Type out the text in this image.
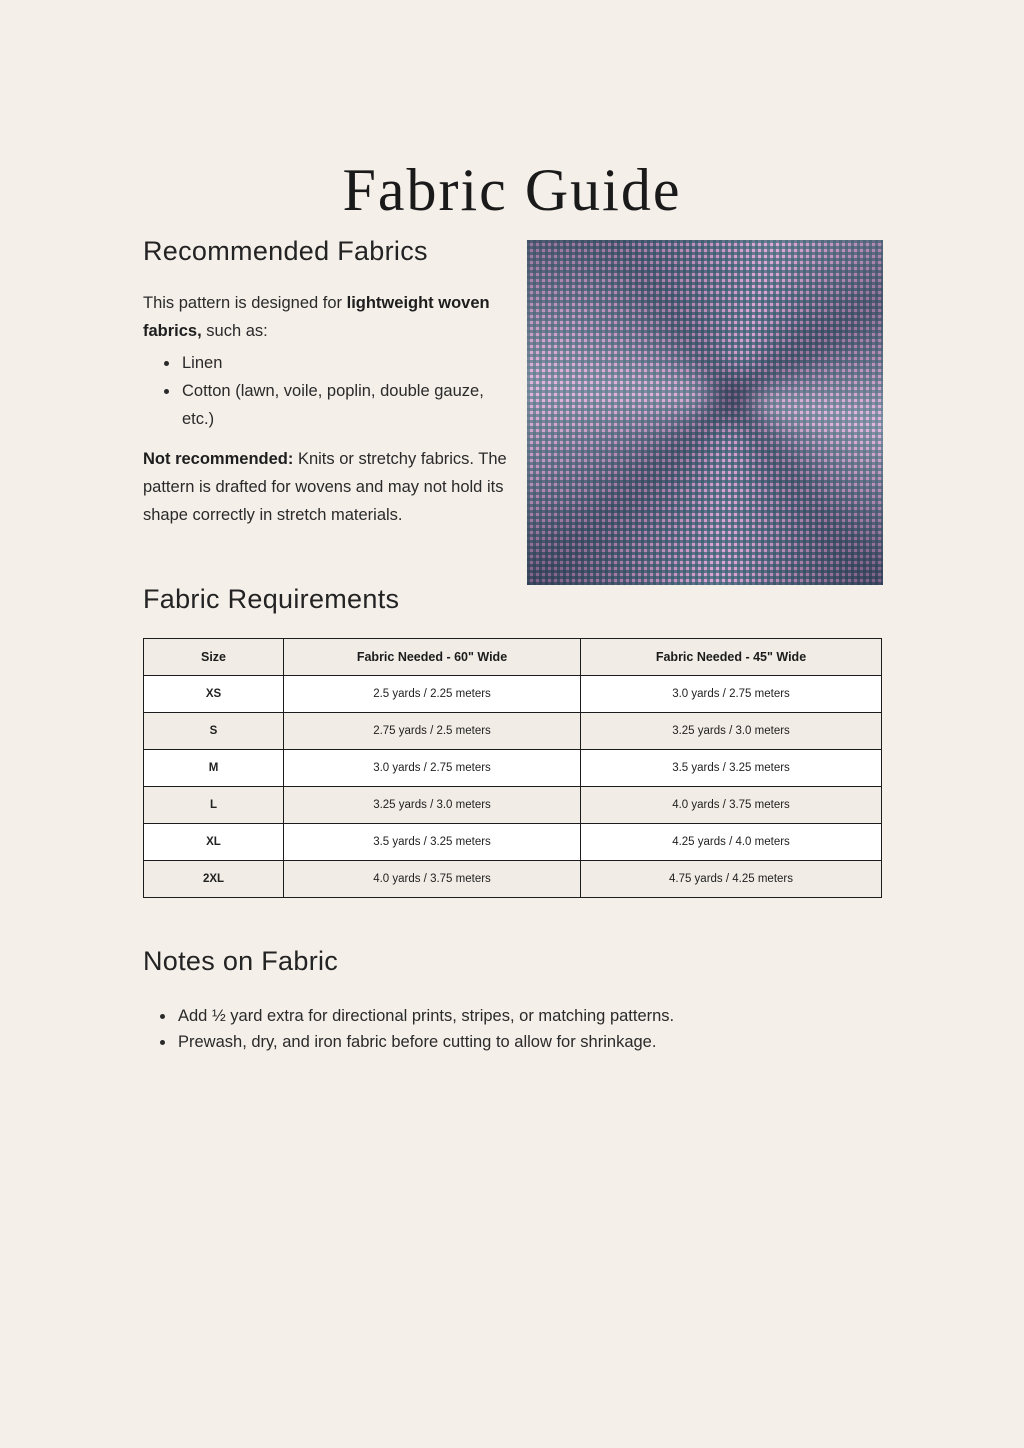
Fabric Guide
Recommended Fabrics

This pattern is designed for lightweight woven fabrics, such as:

• Linen
• Cotton (lawn, voile, poplin, double gauze, etc.)

Not recommended: Knits or stretchy fabrics. The pattern is drafted for wovens and may not hold its shape correctly in stretch materials.

Fabric Requirements
Size	Fabric Needed - 60" Wide	Fabric Needed - 45" Wide
XS	2.5 yards / 2.25 meters	3.0 yards / 2.75 meters
S	2.75 yards / 2.5 meters	3.25 yards / 3.0 meters
M	3.0 yards / 2.75 meters	3.5 yards / 3.25 meters
L	3.25 yards / 3.0 meters	4.0 yards / 3.75 meters
XL	3.5 yards / 3.25 meters	4.25 yards / 4.0 meters
2XL	4.0 yards / 3.75 meters	4.75 yards / 4.25 meters
Notes on Fabric
• Add ½ yard extra for directional prints, stripes, or matching patterns.
• Prewash, dry, and iron fabric before cutting to allow for shrinkage.
